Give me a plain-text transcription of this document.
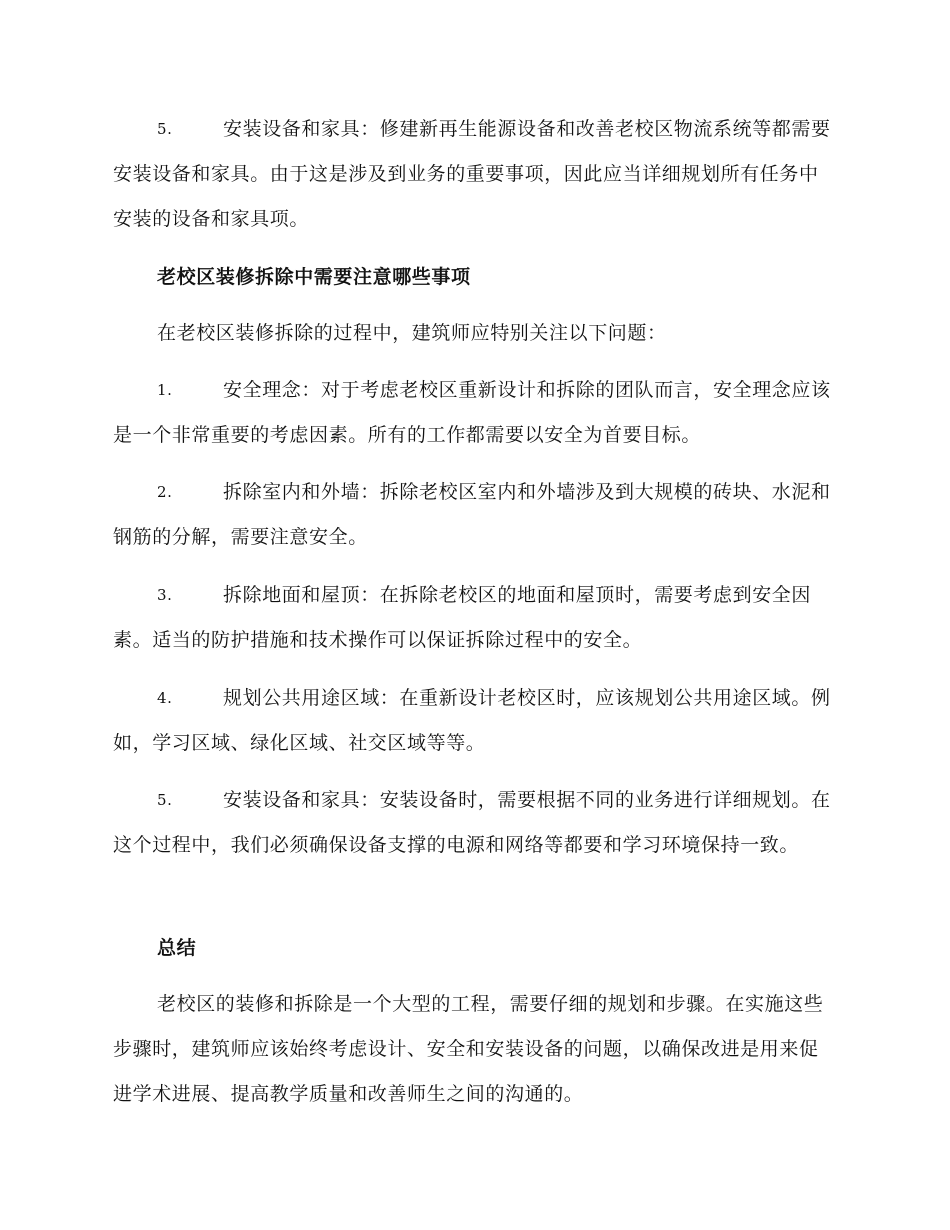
5.	安装设备和家具：修建新再生能源设备和改善老校区物流系统等都需要安装设备和家具。由于这是涉及到业务的重要事项，因此应当详细规划所有任务中安装的设备和家具项。
老校区装修拆除中需要注意哪些事项
在老校区装修拆除的过程中，建筑师应特别关注以下问题：
1.	安全理念：对于考虑老校区重新设计和拆除的团队而言，安全理念应该是一个非常重要的考虑因素。所有的工作都需要以安全为首要目标。
2.	拆除室内和外墙：拆除老校区室内和外墙涉及到大规模的砖块、水泥和钢筋的分解，需要注意安全。
3.	拆除地面和屋顶：在拆除老校区的地面和屋顶时，需要考虑到安全因素。适当的防护措施和技术操作可以保证拆除过程中的安全。
4.	规划公共用途区域：在重新设计老校区时，应该规划公共用途区域。例如，学习区域、绿化区域、社交区域等等。
5.	安装设备和家具：安装设备时，需要根据不同的业务进行详细规划。在这个过程中，我们必须确保设备支撑的电源和网络等都要和学习环境保持一致。
总结
老校区的装修和拆除是一个大型的工程，需要仔细的规划和步骤。在实施这些步骤时，建筑师应该始终考虑设计、安全和安装设备的问题，以确保改进是用来促进学术进展、提高教学质量和改善师生之间的沟通的。
